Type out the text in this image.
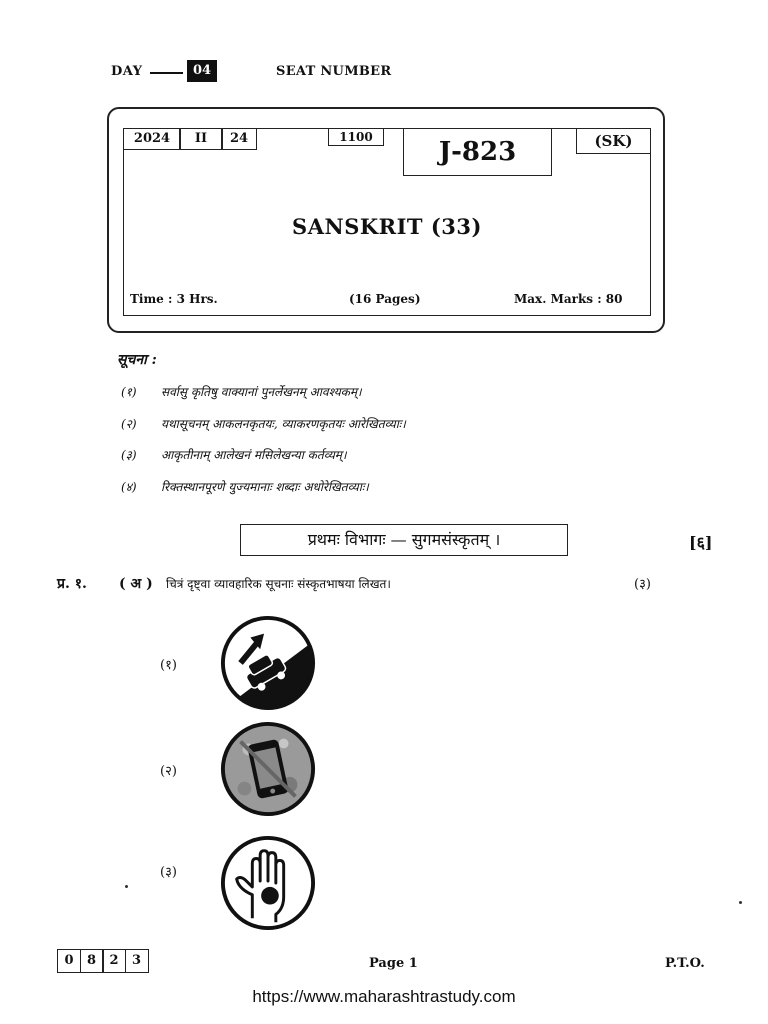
DAY	04	SEAT NUMBER
2024	II	24	1100	J-823	(SK)
SANSKRIT (33)
Time : 3 Hrs.	(16 Pages)	Max. Marks : 80
सूचना :
(१) सर्वासु कृतिषु वाक्यानां पुनर्लेखनम् आवश्यकम्।
(२) यथासूचनम् आकलनकृतयः, व्याकरणकृतयः आरेखितव्याः।
(३) आकृतीनाम् आलेखनं मसिलेखन्या कर्तव्यम्।
(४) रिक्तस्थानपूरणे युज्यमानाः शब्दाः अधोरेखितव्याः।
प्रथमः विभागः — सुगमसंस्कृतम् ।	[६]
प्र. १. ( अ ) चित्रं दृष्ट्वा व्यावहारिक सूचनाः संस्कृतभाषया लिखत।	(३)
(१)
(२)
(३)
0	8	2	3	Page 1	P.T.O.
https://www.maharashtrastudy.com
